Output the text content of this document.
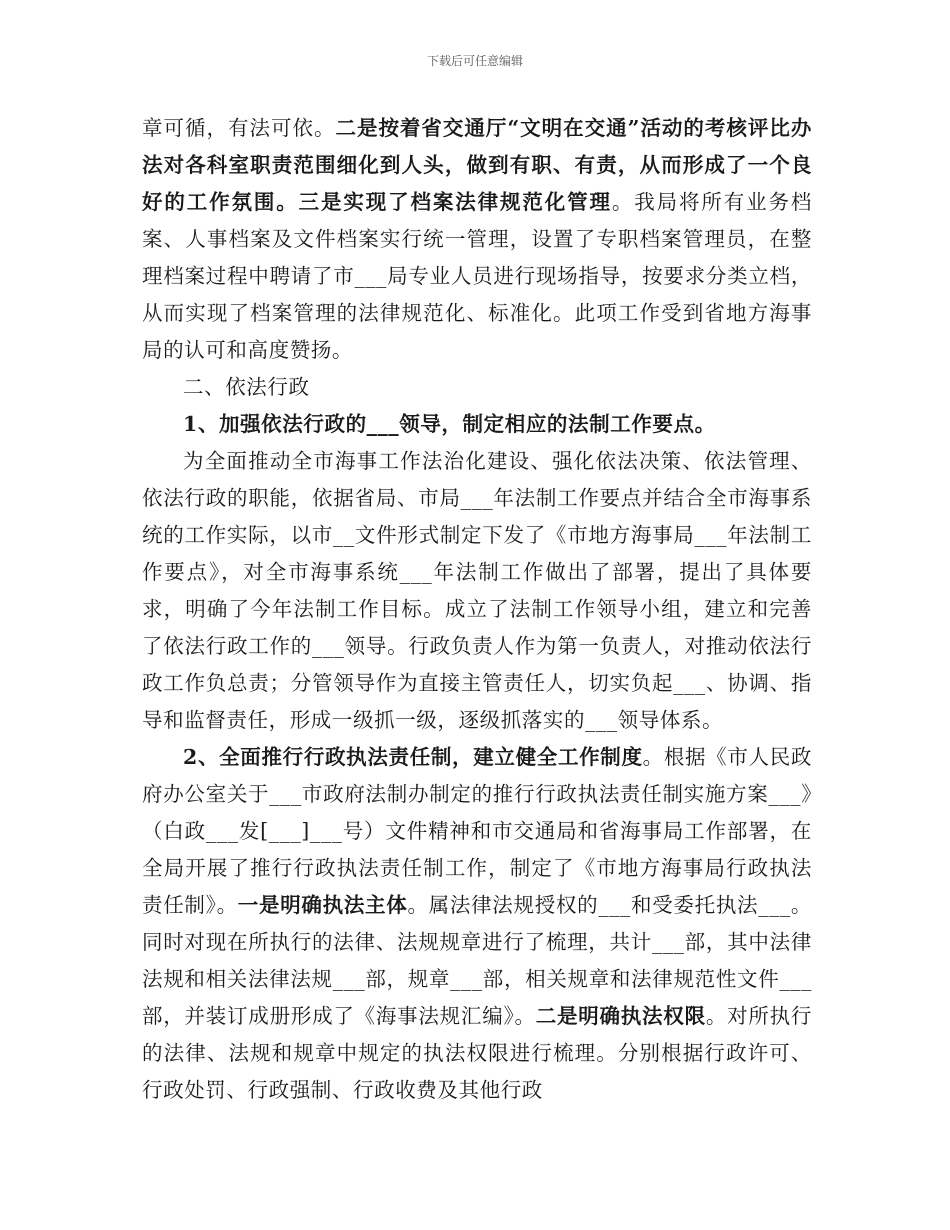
下载后可任意编辑

章可循，有法可依。二是按着省交通厅“文明在交通”活动的考核评比办法对各科室职责范围细化到人头，做到有职、有责，从而形成了一个良好的工作氛围。三是实现了档案法律规范化管理。我局将所有业务档案、人事档案及文件档案实行统一管理，设置了专职档案管理员，在整理档案过程中聘请了市___局专业人员进行现场指导，按要求分类立档，从而实现了档案管理的法律规范化、标准化。此项工作受到省地方海事局的认可和高度赞扬。

二、依法行政

1、加强依法行政的___领导，制定相应的法制工作要点。

为全面推动全市海事工作法治化建设、强化依法决策、依法管理、依法行政的职能，依据省局、市局___年法制工作要点并结合全市海事系统的工作实际，以市__文件形式制定下发了《市地方海事局___年法制工作要点》，对全市海事系统___年法制工作做出了部署，提出了具体要求，明确了今年法制工作目标。成立了法制工作领导小组，建立和完善了依法行政工作的___领导。行政负责人作为第一负责人，对推动依法行政工作负总责；分管领导作为直接主管责任人，切实负起___、协调、指导和监督责任，形成一级抓一级，逐级抓落实的___领导体系。

2、全面推行行政执法责任制，建立健全工作制度。根据《市人民政府办公室关于___市政府法制办制定的推行行政执法责任制实施方案___》（白政___发[___]___号）文件精神和市交通局和省海事局工作部署，在全局开展了推行行政执法责任制工作，制定了《市地方海事局行政执法责任制》。一是明确执法主体。属法律法规授权的___和受委托执法___。同时对现在所执行的法律、法规规章进行了梳理，共计___部，其中法律法规和相关法律法规___部，规章___部，相关规章和法律规范性文件___部，并装订成册形成了《海事法规汇编》。二是明确执法权限。对所执行的法律、法规和规章中规定的执法权限进行梳理。分别根据行政许可、行政处罚、行政强制、行政收费及其他行政
